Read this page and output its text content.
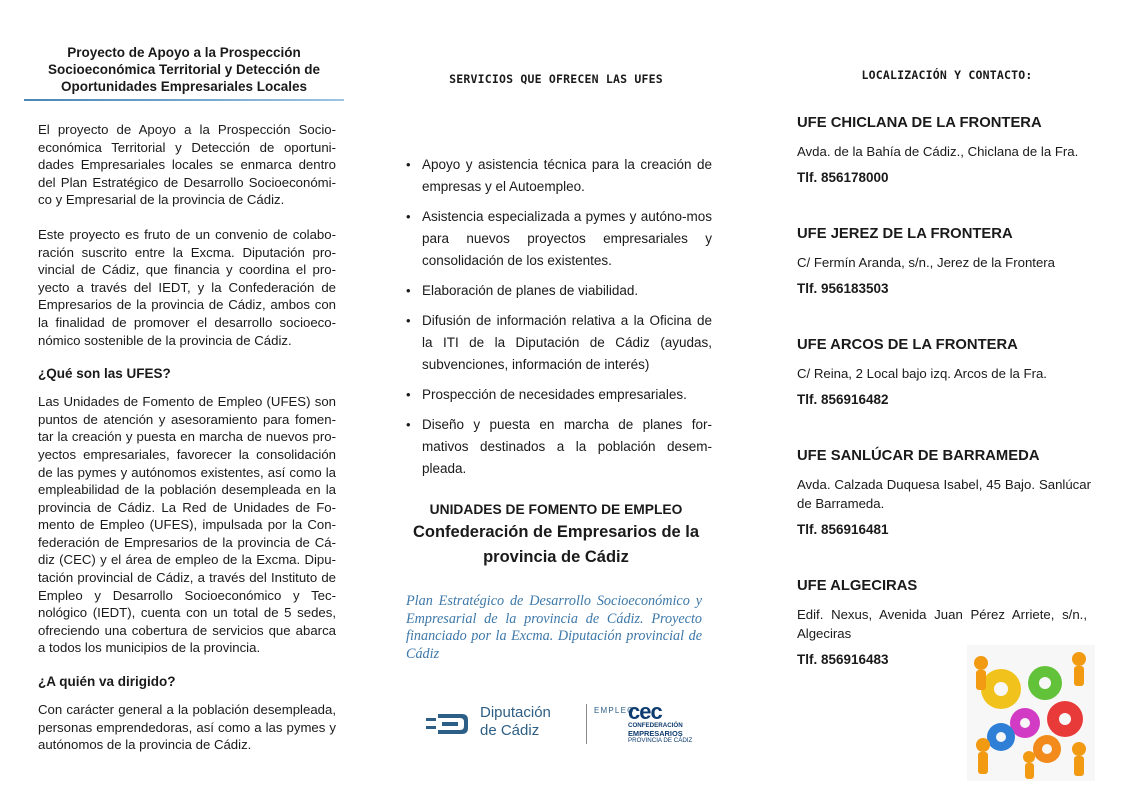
Proyecto de Apoyo a la Prospección Socioeconómica Territorial y Detección de Oportunidades Empresariales Locales

El proyecto de Apoyo a la Prospección Socio-económica Territorial y Detección de oportuni-dades Empresariales locales se enmarca dentro del Plan Estratégico de Desarrollo Socioeconómi-co y Empresarial de la provincia de Cádiz.

Este proyecto es fruto de un convenio de colabo-ración suscrito entre la Excma. Diputación pro-vincial de Cádiz, que financia y coordina el pro-yecto a través del IEDT, y la Confederación de Empresarios de la provincia de Cádiz, ambos con la finalidad de promover el desarrollo socioeco-nómico sostenible de la provincia de Cádiz.

¿Qué son las UFES?

Las Unidades de Fomento de Empleo (UFES) son puntos de atención y asesoramiento para fomen-tar la creación y puesta en marcha de nuevos pro-yectos empresariales, favorecer la consolidación de las pymes y autónomos existentes, así como la empleabilidad de la población desempleada en la provincia de Cádiz. La Red de Unidades de Fo-mento de Empleo (UFES), impulsada por la Con-federación de Empresarios de la provincia de Cá-diz (CEC) y el área de empleo de la Excma. Dipu-tación provincial de Cádiz, a través del Instituto de Empleo y Desarrollo Socioeconómico y Tec-nológico (IEDT), cuenta con un total de 5 sedes, ofreciendo una cobertura de servicios que abarca a todos los municipios de la provincia.

¿A quién va dirigido?

Con carácter general a la población desempleada, personas emprendedoras, así como a las pymes y autónomos de la provincia de Cádiz.

SERVICIOS QUE OFRECEN LAS UFES
• Apoyo y asistencia técnica para la creación de empresas y el Autoempleo.
• Asistencia especializada a pymes y autóno-mos para nuevos proyectos empresariales y consolidación de los existentes.
• Elaboración de planes de viabilidad.
• Difusión de información relativa a la Oficina de la ITI de la Diputación de Cádiz (ayudas, subvenciones, información de interés)
• Prospección de necesidades empresariales.
• Diseño y puesta en marcha de planes for-mativos destinados a la población desem-pleada.
UNIDADES DE FOMENTO DE EMPLEO
Confederación de Empresarios de la provincia de Cádiz
Plan Estratégico de Desarrollo Socioeconómico y Empresarial de la provincia de Cádiz. Proyecto financiado por la Excma. Diputación provincial de Cádiz
Diputación
de Cádiz
EMPLEO
cec
CONFEDERACIÓN
EMPRESARIOS
PROVINCIA DE CÁDIZ
LOCALIZACIÓN Y CONTACTO:
UFE CHICLANA DE LA FRONTERA
Avda. de la Bahía de Cádiz., Chiclana de la Fra.
Tlf. 856178000
UFE JEREZ DE LA FRONTERA
C/ Fermín Aranda, s/n., Jerez de la Frontera
Tlf. 956183503
UFE ARCOS DE LA FRONTERA
C/ Reina, 2 Local bajo izq. Arcos de la Fra.
Tlf. 856916482
UFE SANLÚCAR DE BARRAMEDA
Avda. Calzada Duquesa Isabel, 45 Bajo. Sanlúcar de Barrameda.
Tlf. 856916481
UFE ALGECIRAS
Edif. Nexus, Avenida Juan Pérez Arriete, s/n., Algeciras
Tlf. 856916483
